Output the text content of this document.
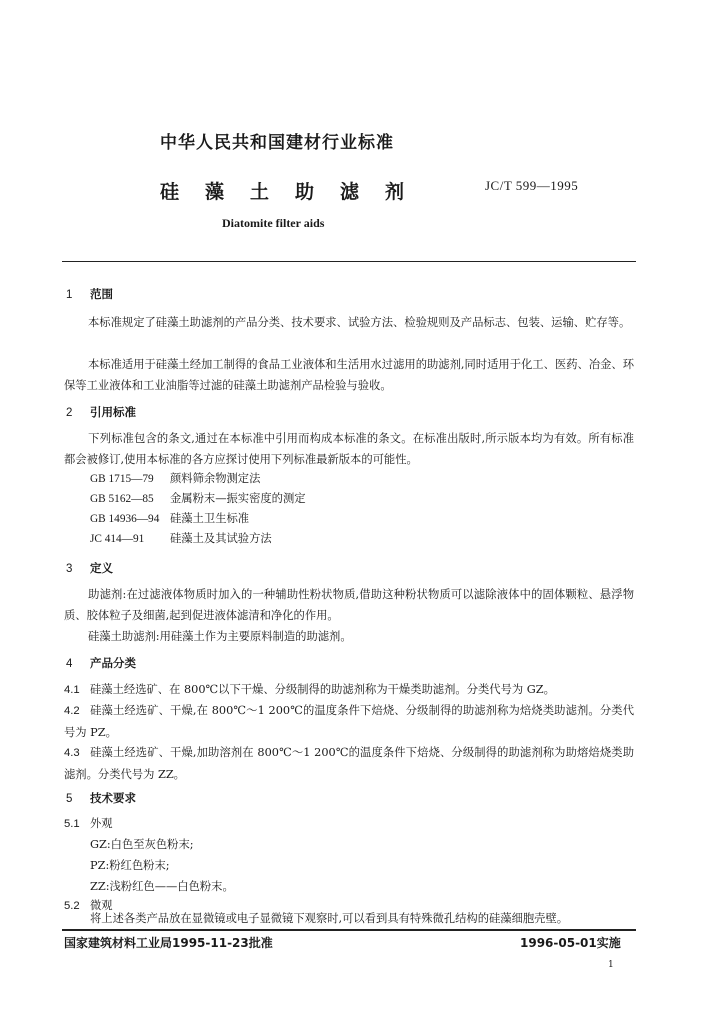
中华人民共和国建材行业标准
硅藻土助滤剂	JC/T 599—1995
Diatomite filter aids
1 范围
本标准规定了硅藻土助滤剂的产品分类、技术要求、试验方法、检验规则及产品标志、包装、运输、贮存等。
本标准适用于硅藻土经加工制得的食品工业液体和生活用水过滤用的助滤剂,同时适用于化工、医药、冶金、环保等工业液体和工业油脂等过滤的硅藻土助滤剂产品检验与验收。
2 引用标准
下列标准包含的条文,通过在本标准中引用而构成本标准的条文。在标准出版时,所示版本均为有效。所有标准都会被修订,使用本标准的各方应探讨使用下列标准最新版本的可能性。
GB 1715—79 颜料筛余物测定法
GB 5162—85 金属粉末—振实密度的测定
GB 14936—94 硅藻土卫生标准
JC 414—91 硅藻土及其试验方法
3 定义
助滤剂:在过滤液体物质时加入的一种辅助性粉状物质,借助这种粉状物质可以滤除液体中的固体颗粒、悬浮物质、胶体粒子及细菌,起到促进液体滤清和净化的作用。
硅藻土助滤剂:用硅藻土作为主要原料制造的助滤剂。
4 产品分类
4.1 硅藻土经选矿、在 800℃以下干燥、分级制得的助滤剂称为干燥类助滤剂。分类代号为 GZ。
4.2 硅藻土经选矿、干燥,在 800℃～1 200℃的温度条件下焙烧、分级制得的助滤剂称为焙烧类助滤剂。分类代号为 PZ。
4.3 硅藻土经选矿、干燥,加助溶剂在 800℃～1 200℃的温度条件下焙烧、分级制得的助滤剂称为助熔焙烧类助滤剂。分类代号为 ZZ。
5 技术要求
5.1 外观
GZ:白色至灰色粉末;
PZ:粉红色粉末;
ZZ:浅粉红色——白色粉末。
5.2 微观
将上述各类产品放在显微镜或电子显微镜下观察时,可以看到具有特殊微孔结构的硅藻细胞壳壁。
国家建筑材料工业局1995-11-23批准	1996-05-01实施
1
